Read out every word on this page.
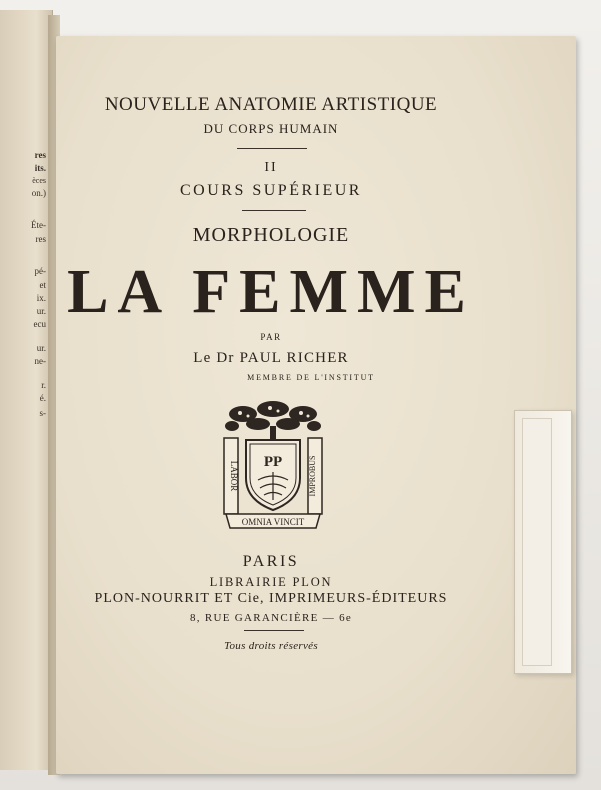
res
its.
èces
on.)
Éte-
res
pé-
et
ix.
ur.
ecu
ur.
ne-
r.
é.
s-
NOUVELLE ANATOMIE ARTISTIQUE
DU CORPS HUMAIN
II
COURS SUPÉRIEUR
MORPHOLOGIE
LA FEMME
PAR
Le Dr PAUL RICHER
MEMBRE DE L'INSTITUT
LABOR	IMPROBUS
PP
OMNIA VINCIT
PARIS
LIBRAIRIE PLON
PLON-NOURRIT ET Cie, IMPRIMEURS-ÉDITEURS
8, RUE GARANCIÈRE — 6e
Tous droits réservés
